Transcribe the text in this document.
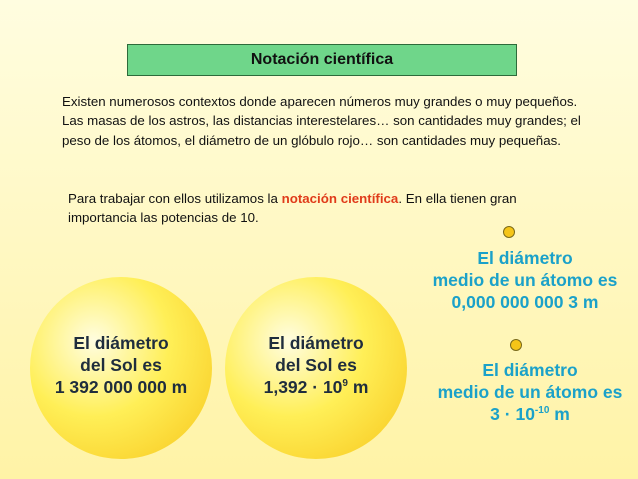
Notación científica
Existen numerosos contextos donde aparecen números muy grandes o muy pequeños. Las masas de los astros, las distancias interestelares… son cantidades muy grandes; el peso de los átomos, el diámetro de un glóbulo rojo… son cantidades muy pequeñas.
Para trabajar con ellos utilizamos la notación científica. En ella tienen gran importancia las potencias de 10.
El diámetro
del Sol es
1 392 000 000 m
El diámetro
del Sol es
$1,392 \cdot 10^9$ m
El diámetro
medio de un átomo es
0,000 000 000 3 m
El diámetro
medio de un átomo es
$3 \cdot 10^{-10}$ m
